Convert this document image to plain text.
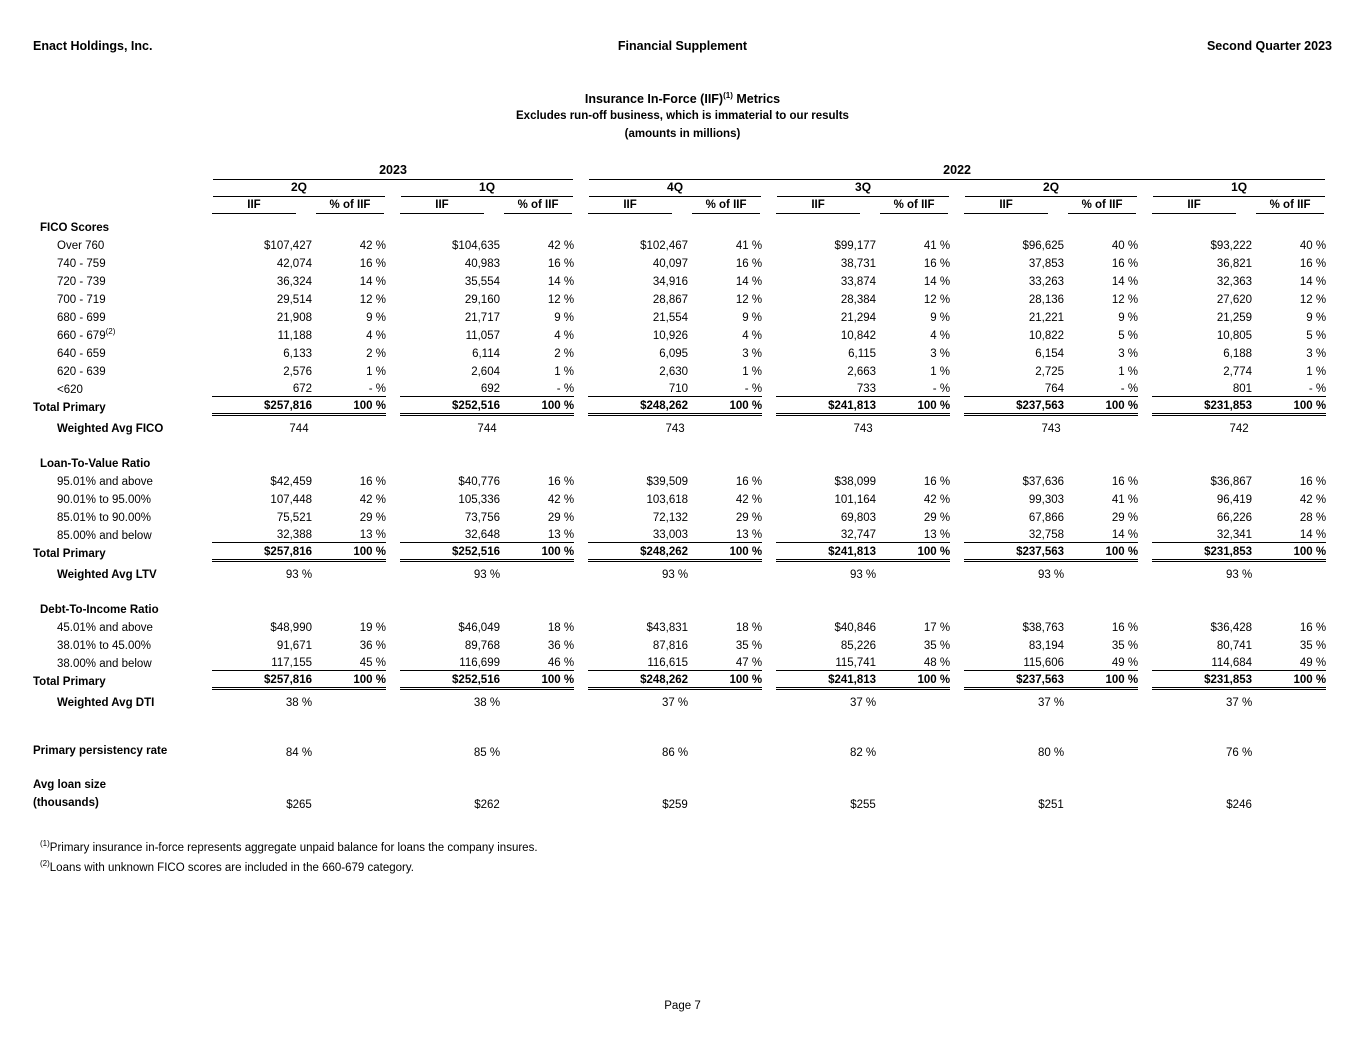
Enact Holdings, Inc.	Financial Supplement	Second Quarter 2023
Insurance In-Force (IIF)$^{(1)}$ Metrics
Excludes run-off business, which is immaterial to our results
(amounts in millions)

	2023						2022											

	2Q			1Q			4Q			3Q			2Q			1Q		

	IIF	% of IIF		IIF	% of IIF		IIF	% of IIF		IIF	% of IIF		IIF	% of IIF		IIF	% of IIF	

FICO Scores																		
Over 760	$107,427	42 %		$104,635	42 %		$102,467	41 %		$99,177	41 %		$96,625	40 %		$93,222	40 %	
740 - 759	42,074	16 %		40,983	16 %		40,097	16 %		38,731	16 %		37,853	16 %		36,821	16 %	
720 - 739	36,324	14 %		35,554	14 %		34,916	14 %		33,874	14 %		33,263	14 %		32,363	14 %	
700 - 719	29,514	12 %		29,160	12 %		28,867	12 %		28,384	12 %		28,136	12 %		27,620	12 %	
680 - 699	21,908	9 %		21,717	9 %		21,554	9 %		21,294	9 %		21,221	9 %		21,259	9 %	
660 - 679$^{(2)}$	11,188	4 %		11,057	4 %		10,926	4 %		10,842	4 %		10,822	5 %		10,805	5 %	
640 - 659	6,133	2 %		6,114	2 %		6,095	3 %		6,115	3 %		6,154	3 %		6,188	3 %	
620 - 639	2,576	1 %		2,604	1 %		2,630	1 %		2,663	1 %		2,725	1 %		2,774	1 %	
<620	672	- %		692	- %		710	- %		733	- %		764	- %		801	- %	
Total Primary	$257,816	100 %		$252,516	100 %		$248,262	100 %		$241,813	100 %		$237,563	100 %		$231,853	100 %	
Weighted Avg FICO	744			744			743			743			743			742		

Loan-To-Value Ratio																		
95.01% and above	$42,459	16 %		$40,776	16 %		$39,509	16 %		$38,099	16 %		$37,636	16 %		$36,867	16 %	
90.01% to 95.00%	107,448	42 %		105,336	42 %		103,618	42 %		101,164	42 %		99,303	41 %		96,419	42 %	
85.01% to 90.00%	75,521	29 %		73,756	29 %		72,132	29 %		69,803	29 %		67,866	29 %		66,226	28 %	
85.00% and below	32,388	13 %		32,648	13 %		33,003	13 %		32,747	13 %		32,758	14 %		32,341	14 %	
Total Primary	$257,816	100 %		$252,516	100 %		$248,262	100 %		$241,813	100 %		$237,563	100 %		$231,853	100 %	
Weighted Avg LTV	93 %			93 %			93 %			93 %			93 %			93 %		

Debt-To-Income Ratio																		
45.01% and above	$48,990	19 %		$46,049	18 %		$43,831	18 %		$40,846	17 %		$38,763	16 %		$36,428	16 %	
38.01% to 45.00%	91,671	36 %		89,768	36 %		87,816	35 %		85,226	35 %		83,194	35 %		80,741	35 %	
38.00% and below	117,155	45 %		116,699	46 %		116,615	47 %		115,741	48 %		115,606	49 %		114,684	49 %	
Total Primary	$257,816	100 %		$252,516	100 %		$248,262	100 %		$241,813	100 %		$237,563	100 %		$231,853	100 %	
Weighted Avg DTI	38 %			38 %			37 %			37 %			37 %			37 %		

Primary persistency rate	84 %			85 %			86 %			82 %			80 %			76 %		

Avg loan size
(thousands)	$265			$262			$259			$255			$251			$246		
$^{(1)}$Primary insurance in-force represents aggregate unpaid balance for loans the company insures.
$^{(2)}$Loans with unknown FICO scores are included in the 660-679 category.
Page 7
